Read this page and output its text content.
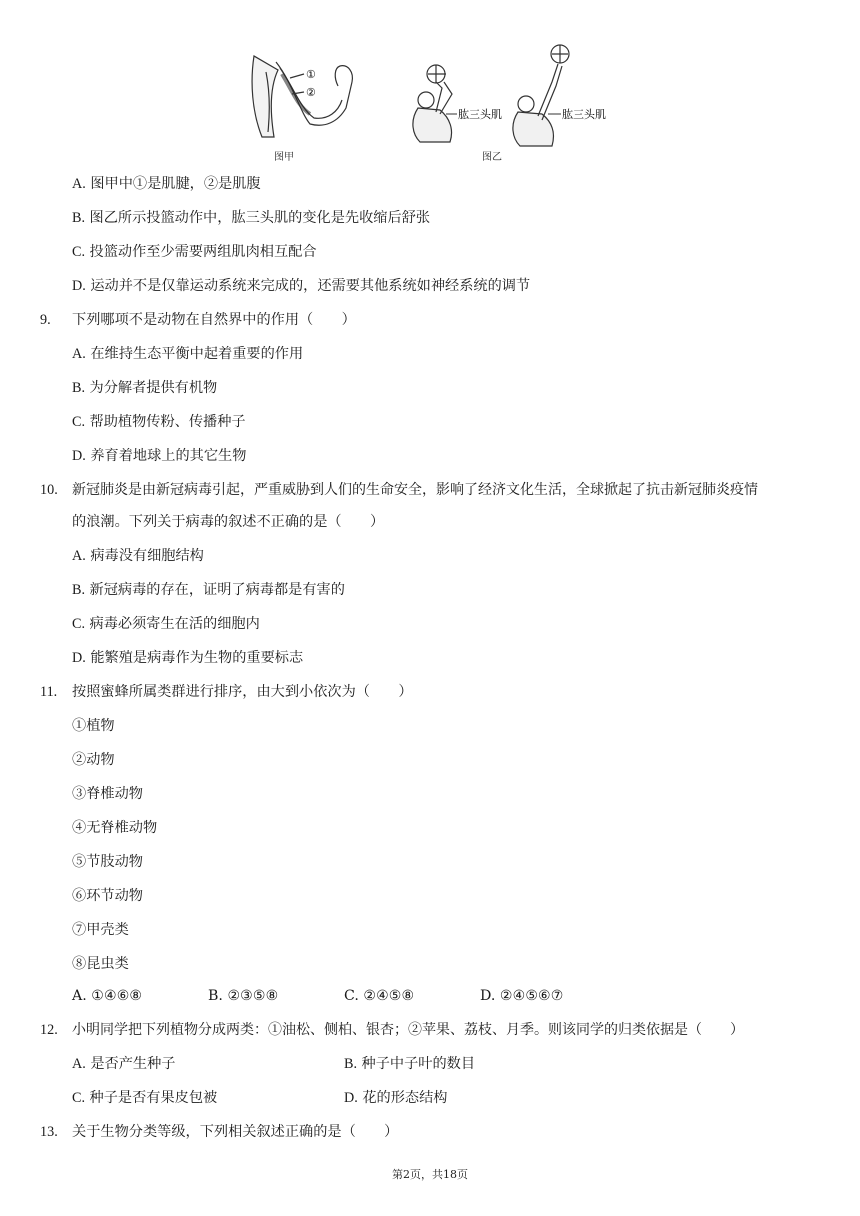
①
②
肱三头肌	肱三头肌
图甲	图乙
A. 图甲中①是肌腱，②是肌腹
B. 图乙所示投篮动作中，肱三头肌的变化是先收缩后舒张
C. 投篮动作至少需要两组肌肉相互配合
D. 运动并不是仅靠运动系统来完成的，还需要其他系统如神经系统的调节
9. 下列哪项不是动物在自然界中的作用（　　）
A. 在维持生态平衡中起着重要的作用
B. 为分解者提供有机物
C. 帮助植物传粉、传播种子
D. 养育着地球上的其它生物
10. 新冠肺炎是由新冠病毒引起，严重威胁到人们的生命安全，影响了经济文化生活，全球掀起了抗击新冠肺炎疫情
的浪潮。下列关于病毒的叙述不正确的是（　　）
A. 病毒没有细胞结构
B. 新冠病毒的存在，证明了病毒都是有害的
C. 病毒必须寄生在活的细胞内
D. 能繁殖是病毒作为生物的重要标志
11. 按照蜜蜂所属类群进行排序，由大到小依次为（　　）
①植物
②动物
③脊椎动物
④无脊椎动物
⑤节肢动物
⑥环节动物
⑦甲壳类
⑧昆虫类
A. ①④⑥⑧	B. ②③⑤⑧	C. ②④⑤⑧	D. ②④⑤⑥⑦
12. 小明同学把下列植物分成两类：①油松、侧柏、银杏；②苹果、荔枝、月季。则该同学的归类依据是（　　）
A. 是否产生种子	B. 种子中子叶的数目
C. 种子是否有果皮包被	D. 花的形态结构
13. 关于生物分类等级，下列相关叙述正确的是（　　）
第2页，共18页
